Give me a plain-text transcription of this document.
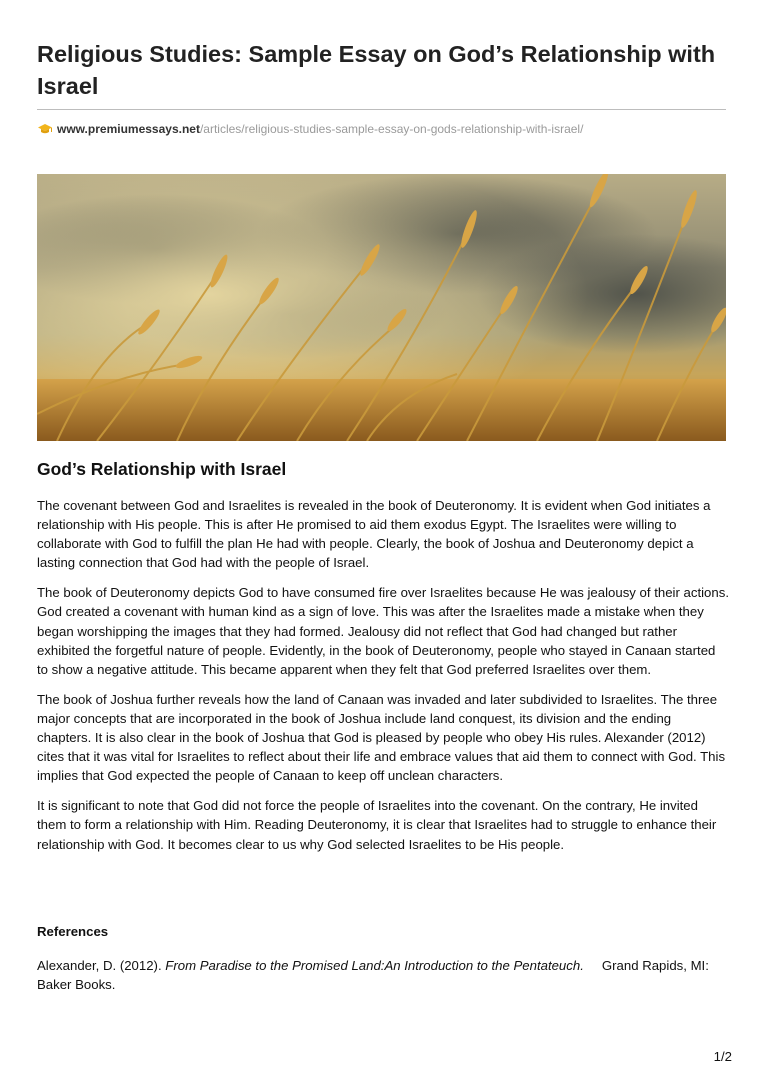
Religious Studies: Sample Essay on God’s Relationship with Israel
www.premiumessays.net/articles/religious-studies-sample-essay-on-gods-relationship-with-israel/
God’s Relationship with Israel

The covenant between God and Israelites is revealed in the book of Deuteronomy. It is evident when God initiates a relationship with His people. This is after He promised to aid them exodus Egypt. The Israelites were willing to collaborate with God to fulfill the plan He had with people. Clearly, the book of Joshua and Deuteronomy depict a lasting connection that God had with the people of Israel.

The book of Deuteronomy depicts God to have consumed fire over Israelites because He was jealousy of their actions. God created a covenant with human kind as a sign of love. This was after the Israelites made a mistake when they began worshipping the images that they had formed. Jealousy did not reflect that God had changed but rather exhibited the forgetful nature of people. Evidently, in the book of Deuteronomy, people who stayed in Canaan started to show a negative attitude. This became apparent when they felt that God preferred Israelites over them.

The book of Joshua further reveals how the land of Canaan was invaded and later subdivided to Israelites. The three major concepts that are incorporated in the book of Joshua include land conquest, its division and the ending chapters. It is also clear in the book of Joshua that God is pleased by people who obey His rules. Alexander (2012) cites that it was vital for Israelites to reflect about their life and embrace values that aid them to connect with God. This implies that God expected the people of Canaan to keep off unclean characters.

It is significant to note that God did not force the people of Israelites into the covenant. On the contrary, He invited them to form a relationship with Him. Reading Deuteronomy, it is clear that Israelites had to struggle to enhance their relationship with God. It becomes clear to us why God selected Israelites to be His people.

References

Alexander, D. (2012). From Paradise to the Promised Land:An Introduction to the Pentateuch. Grand Rapids, MI: Baker Books.

1/2
